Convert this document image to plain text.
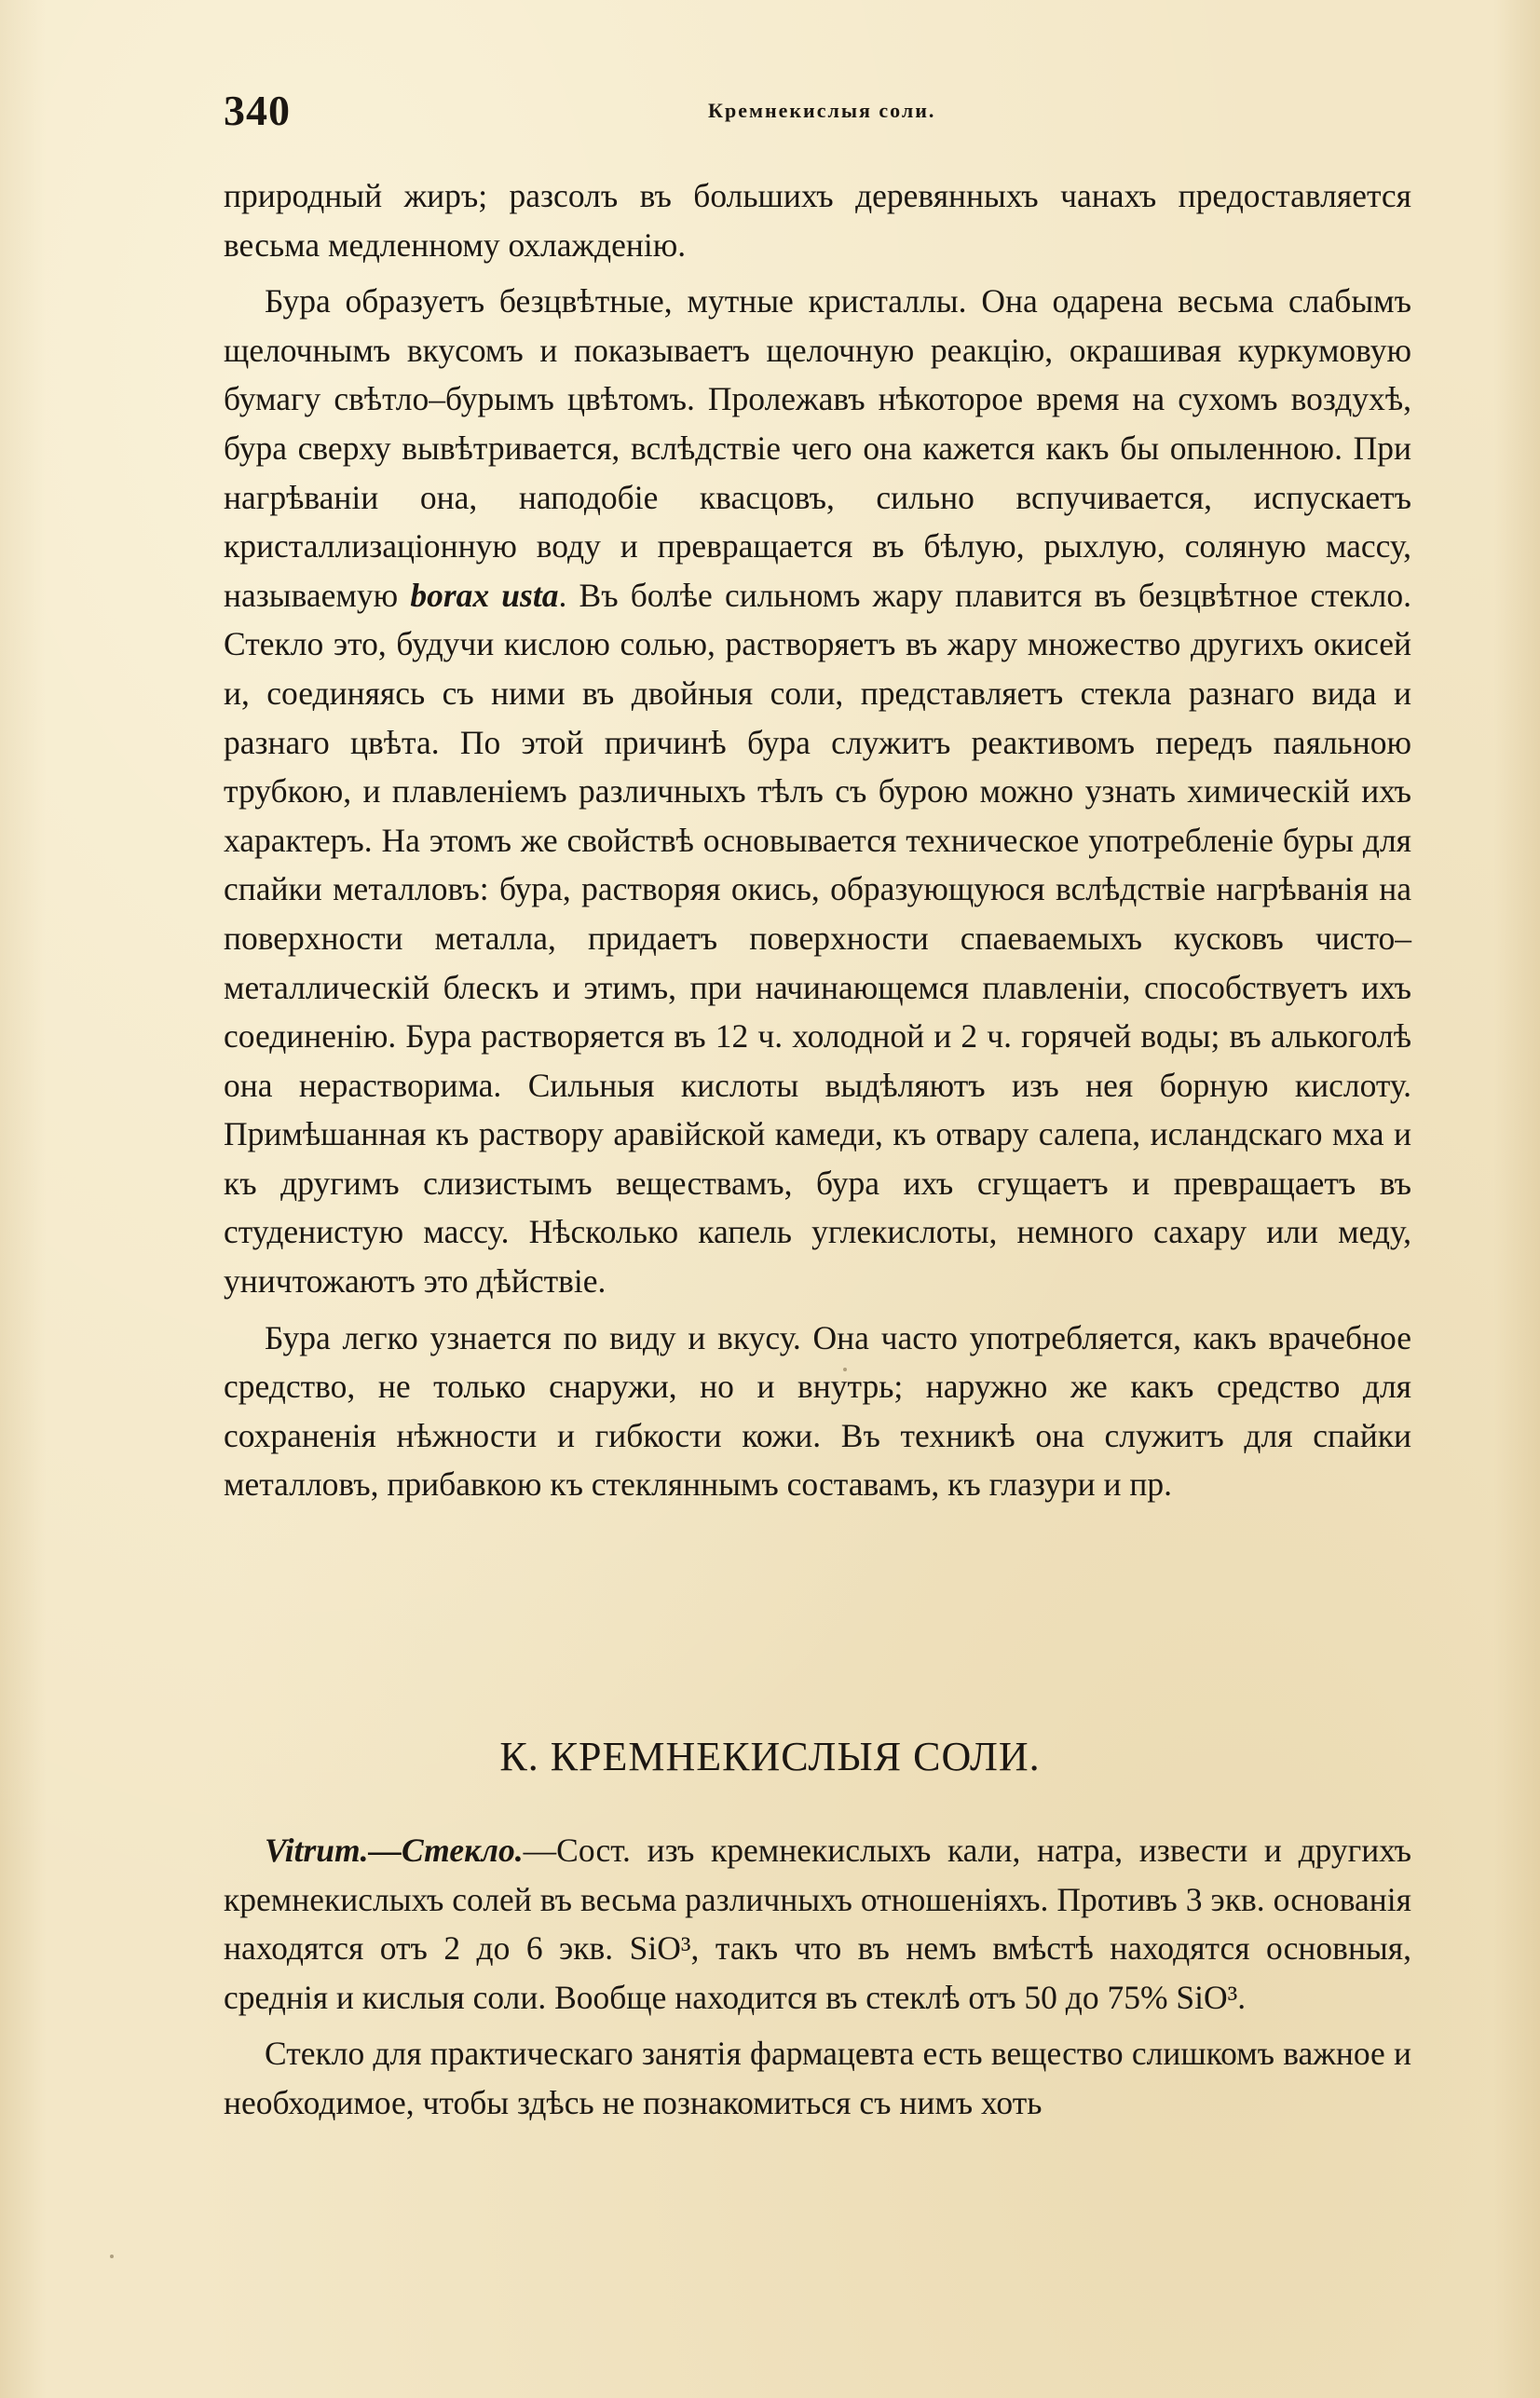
340	Кремнекислыя соли.

природный жиръ; разсолъ въ большихъ деревянныхъ чанахъ предоставляется весьма медленному охлажденію.

Бура образуетъ безцвѣтные, мутные кристаллы. Она одарена весьма слабымъ щелочнымъ вкусомъ и показываетъ щелочную реакцію, окрашивая куркумовую бумагу свѣтло–бурымъ цвѣтомъ. Пролежавъ нѣкоторое время на сухомъ воздухѣ, бура сверху вывѣтривается, вслѣдствіе чего она кажется какъ бы опыленною. При нагрѣваніи она, наподобіе квасцовъ, сильно вспучивается, испускаетъ кристаллизаціонную воду и превращается въ бѣлую, рыхлую, соляную массу, называемую borax usta. Въ болѣе сильномъ жару плавится въ безцвѣтное стекло. Стекло это, будучи кислою солью, растворяетъ въ жару множество другихъ окисей и, соединяясь съ ними въ двойныя соли, представляетъ стекла разнаго вида и разнаго цвѣта. По этой причинѣ бура служитъ реактивомъ передъ паяльною трубкою, и плавленіемъ различныхъ тѣлъ съ бурою можно узнать химическій ихъ характеръ. На этомъ же свойствѣ основывается техническое употребленіе буры для спайки металловъ: бура, растворяя окись, образующуюся вслѣдствіе нагрѣванія на поверхности металла, придаетъ поверхности спаеваемыхъ кусковъ чисто–металлическій блескъ и этимъ, при начинающемся плавленіи, способствуетъ ихъ соединенію. Бура растворяется въ 12 ч. холодной и 2 ч. горячей воды; въ алькоголѣ она нерастворима. Сильныя кислоты выдѣляютъ изъ нея борную кислоту. Примѣшанная къ раствору аравійской камеди, къ отвару салепа, исландскаго мха и къ другимъ слизистымъ веществамъ, бура ихъ сгущаетъ и превращаетъ въ студенистую массу. Нѣсколько капель углекислоты, немного сахару или меду, уничтожаютъ это дѣйствіе.

Бура легко узнается по виду и вкусу. Она часто употребляется, какъ врачебное средство, не только снаружи, но и внутрь; наружно же какъ средство для сохраненія нѣжности и гибкости кожи. Въ техникѣ она служитъ для спайки металловъ, прибавкою къ стекляннымъ составамъ, къ глазури и пр.

К. КРЕМНЕКИСЛЫЯ СОЛИ.

Vitrum.—Стекло.—Сост. изъ кремнекислыхъ кали, натра, извести и другихъ кремнекислыхъ солей въ весьма различныхъ отношеніяхъ. Противъ 3 экв. основанія находятся отъ 2 до 6 экв. SiO³, такъ что въ немъ вмѣстѣ находятся основныя, среднія и кислыя соли. Вообще находится въ стеклѣ отъ 50 до 75% SiO³.

Стекло для практическаго занятія фармацевта есть вещество слишкомъ важное и необходимое, чтобы здѣсь не познакомиться съ нимъ хоть
